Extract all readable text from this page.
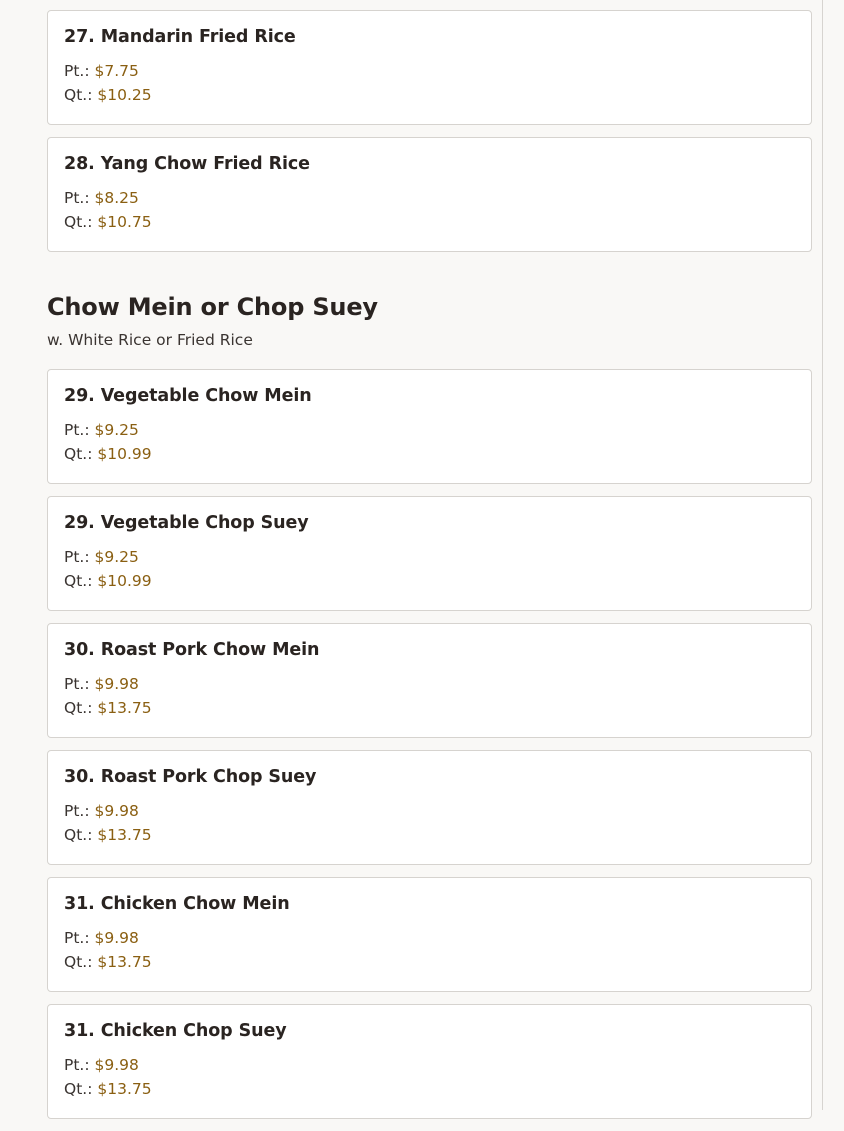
27. Mandarin Fried Rice
Pt.: $7.75
Qt.: $10.25
28. Yang Chow Fried Rice
Pt.: $8.25
Qt.: $10.75
Chow Mein or Chop Suey
w. White Rice or Fried Rice
29. Vegetable Chow Mein
Pt.: $9.25
Qt.: $10.99
29. Vegetable Chop Suey
Pt.: $9.25
Qt.: $10.99
30. Roast Pork Chow Mein
Pt.: $9.98
Qt.: $13.75
30. Roast Pork Chop Suey
Pt.: $9.98
Qt.: $13.75
31. Chicken Chow Mein
Pt.: $9.98
Qt.: $13.75
31. Chicken Chop Suey
Pt.: $9.98
Qt.: $13.75
